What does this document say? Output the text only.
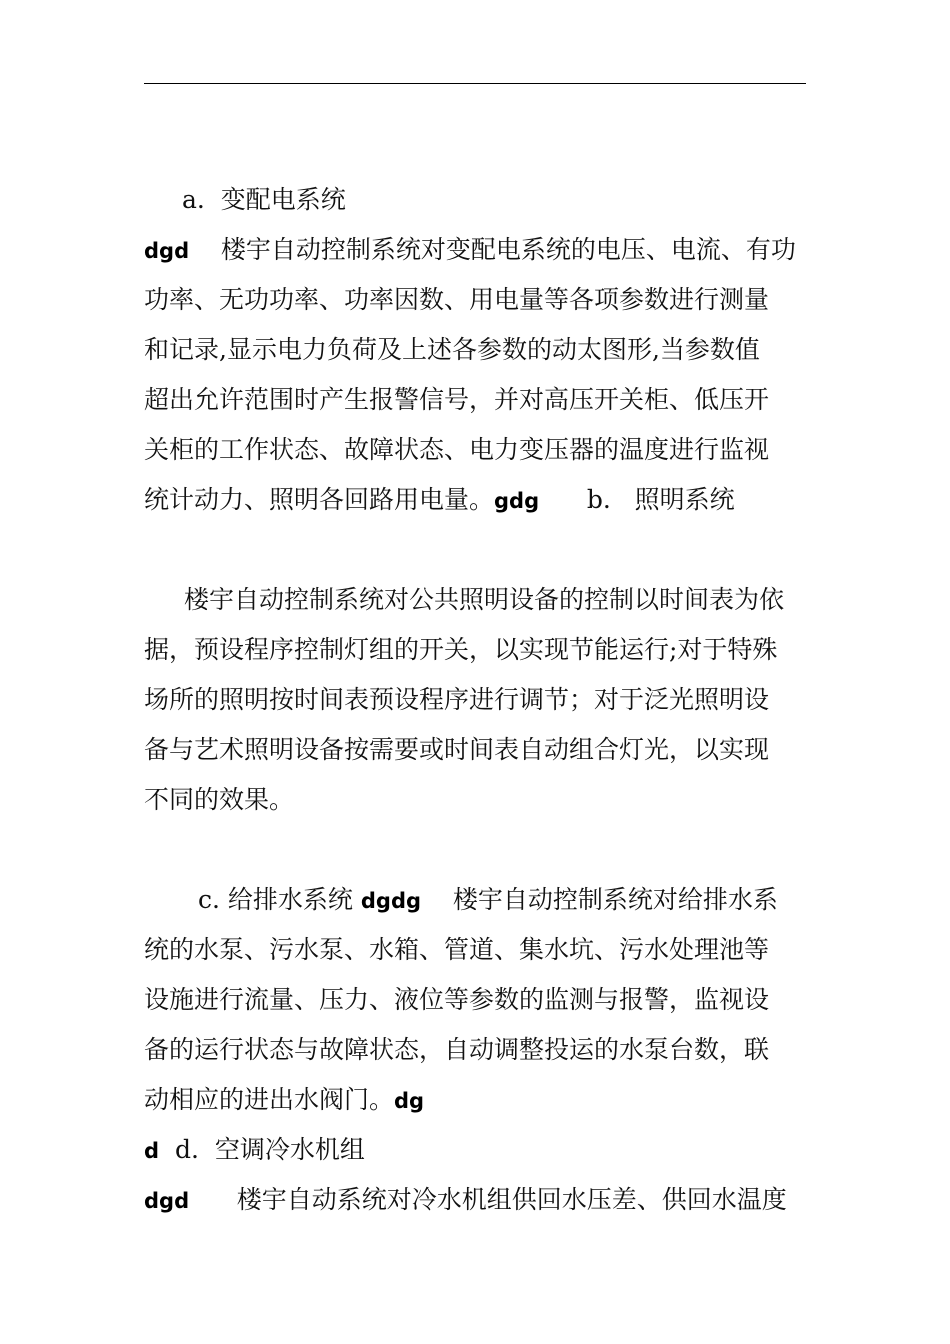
a. 变配电系统
dgd 楼宇自动控制系统对变配电系统的电压、电流、有功
功率、无功功率、功率因数、用电量等各项参数进行测量
和记录,显示电力负荷及上述各参数的动太图形,当参数值
超出允许范围时产生报警信号，并对高压开关柜、低压开
关柜的工作状态、故障状态、电力变压器的温度进行监视
统计动力、照明各回路用电量。gdg b. 照明系统
楼宇自动控制系统对公共照明设备的控制以时间表为依
据，预设程序控制灯组的开关，以实现节能运行;对于特殊
场所的照明按时间表预设程序进行调节；对于泛光照明设
备与艺术照明设备按需要或时间表自动组合灯光，以实现
不同的效果。
c. 给排水系统 dgdg 楼宇自动控制系统对给排水系
统的水泵、污水泵、水箱、管道、集水坑、污水处理池等
设施进行流量、压力、液位等参数的监测与报警，监视设
备的运行状态与故障状态，自动调整投运的水泵台数，联
动相应的进出水阀门。dg
d d. 空调冷水机组
dgd 楼宇自动系统对冷水机组供回水压差、供回水温度
